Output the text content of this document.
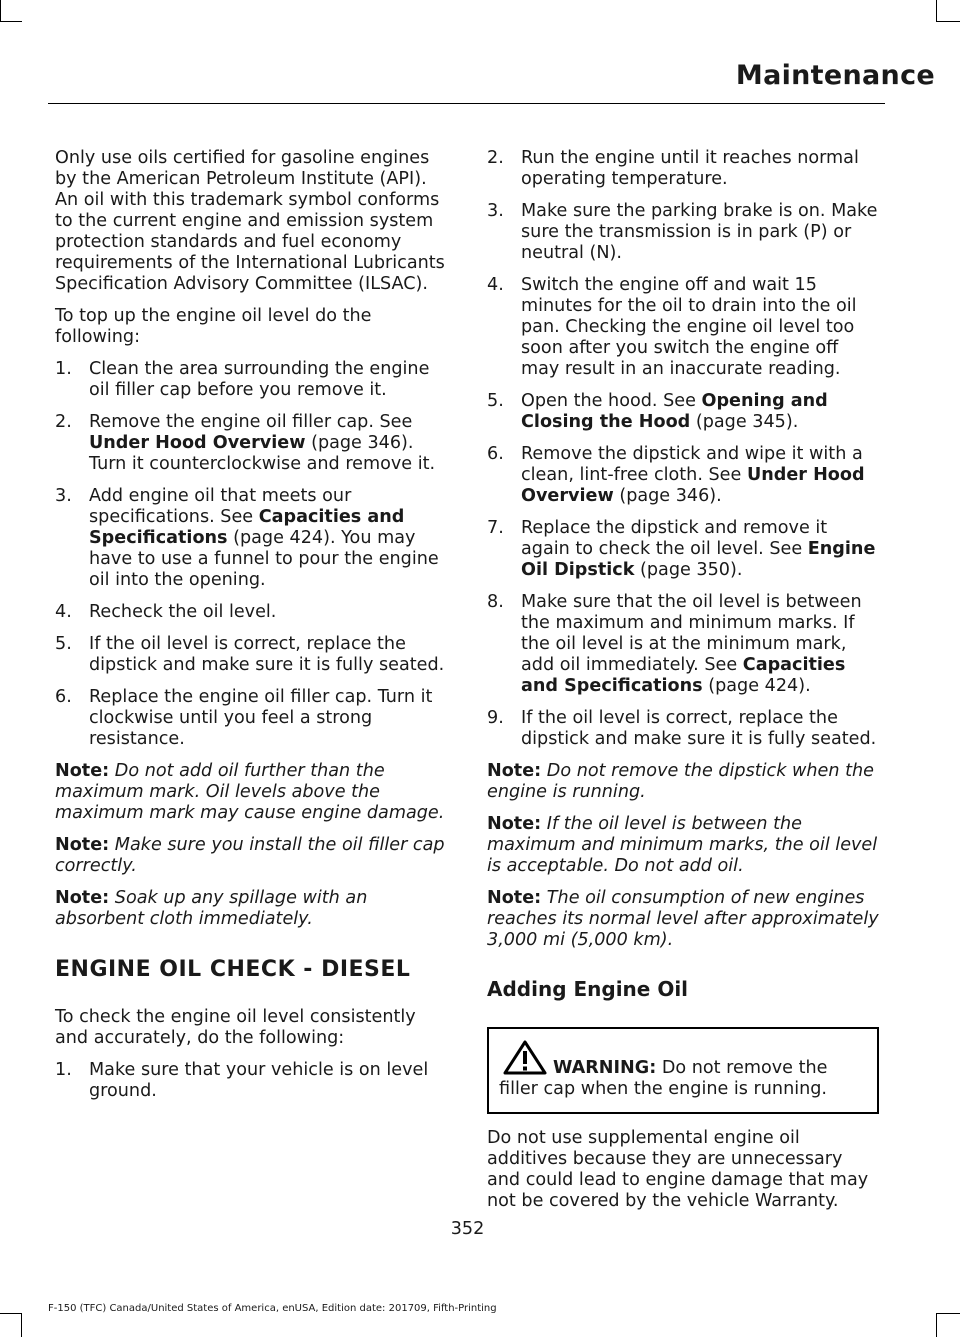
Maintenance

Only use oils certified for gasoline engines by the American Petroleum Institute (API). An oil with this trademark symbol conforms to the current engine and emission system protection standards and fuel economy requirements of the International Lubricants Specification Advisory Committee (ILSAC).

To top up the engine oil level do the following:

1. Clean the area surrounding the engine oil filler cap before you remove it.
2. Remove the engine oil filler cap. See Under Hood Overview (page 346). Turn it counterclockwise and remove it.
3. Add engine oil that meets our specifications. See Capacities and Specifications (page 424). You may have to use a funnel to pour the engine oil into the opening.
4. Recheck the oil level.
5. If the oil level is correct, replace the dipstick and make sure it is fully seated.
6. Replace the engine oil filler cap. Turn it clockwise until you feel a strong resistance.

Note: Do not add oil further than the maximum mark. Oil levels above the maximum mark may cause engine damage.

Note: Make sure you install the oil filler cap correctly.

Note: Soak up any spillage with an absorbent cloth immediately.

ENGINE OIL CHECK - DIESEL

To check the engine oil level consistently and accurately, do the following:

1. Make sure that your vehicle is on level ground.
2. Run the engine until it reaches normal operating temperature.
3. Make sure the parking brake is on. Make sure the transmission is in park (P) or neutral (N).
4. Switch the engine off and wait 15 minutes for the oil to drain into the oil pan. Checking the engine oil level too soon after you switch the engine off may result in an inaccurate reading.
5. Open the hood. See Opening and Closing the Hood (page 345).
6. Remove the dipstick and wipe it with a clean, lint-free cloth. See Under Hood Overview (page 346).
7. Replace the dipstick and remove it again to check the oil level. See Engine Oil Dipstick (page 350).
8. Make sure that the oil level is between the maximum and minimum marks. If the oil level is at the minimum mark, add oil immediately. See Capacities and Specifications (page 424).
9. If the oil level is correct, replace the dipstick and make sure it is fully seated.

Note: Do not remove the dipstick when the engine is running.

Note: If the oil level is between the maximum and minimum marks, the oil level is acceptable. Do not add oil.

Note: The oil consumption of new engines reaches its normal level after approximately 3,000 mi (5,000 km).

Adding Engine Oil
WARNING: Do not remove the filler cap when the engine is running.

Do not use supplemental engine oil additives because they are unnecessary and could lead to engine damage that may not be covered by the vehicle Warranty.

352
F-150 (TFC) Canada/United States of America, enUSA, Edition date: 201709, Fifth-Printing
